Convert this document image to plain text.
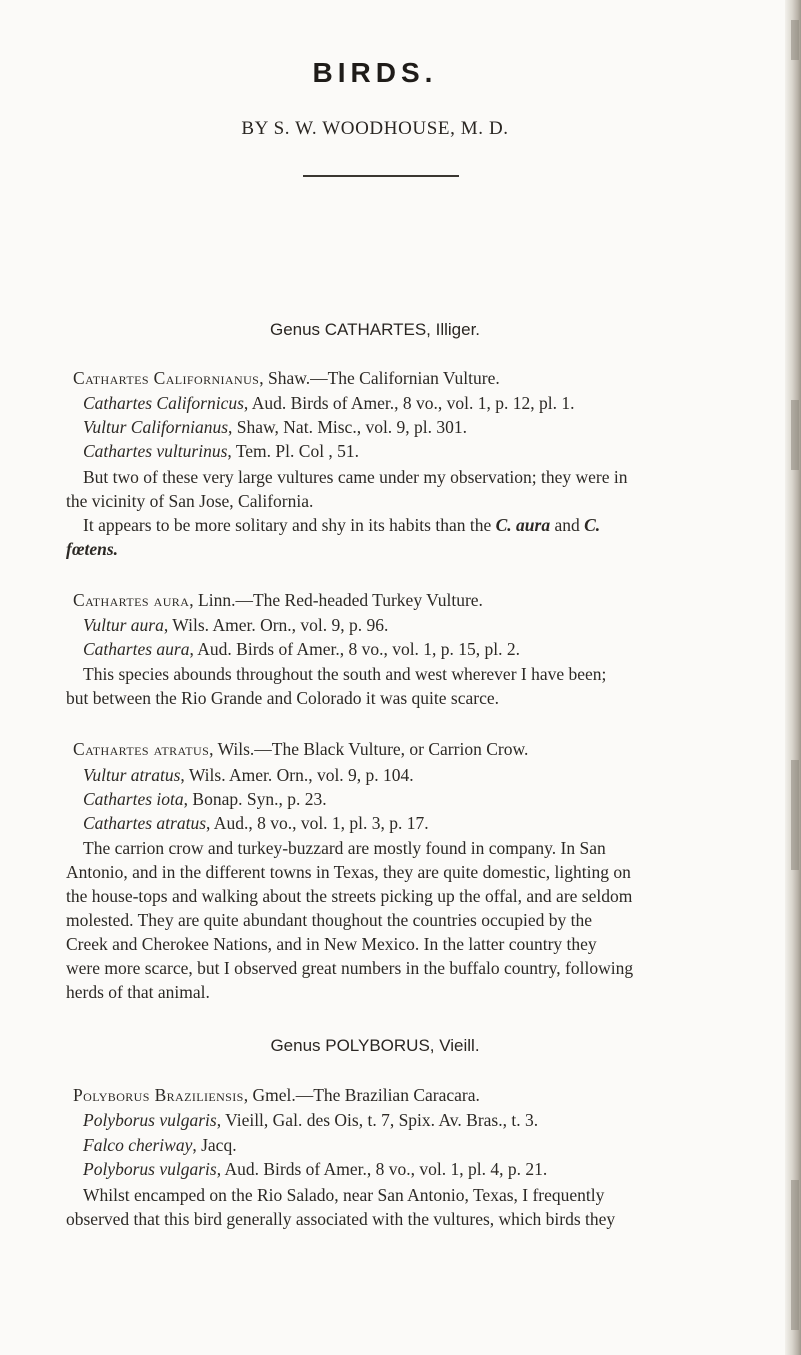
BIRDS.
BY S. W. WOODHOUSE, M. D.
Genus CATHARTES, Illiger.
Cathartes Californianus, Shaw.—The Californian Vulture.
Cathartes Californicus, Aud. Birds of Amer., 8 vo., vol. 1, p. 12, pl. 1.
Vultur Californianus, Shaw, Nat. Misc., vol. 9, pl. 301.
Cathartes vulturinus, Tem. Pl. Col , 51.
But two of these very large vultures came under my observation; they were in
the vicinity of San Jose, California.
It appears to be more solitary and shy in its habits than the C. aura and C.
fœtens.
Cathartes aura, Linn.—The Red-headed Turkey Vulture.
Vultur aura, Wils. Amer. Orn., vol. 9, p. 96.
Cathartes aura, Aud. Birds of Amer., 8 vo., vol. 1, p. 15, pl. 2.
This species abounds throughout the south and west wherever I have been;
but between the Rio Grande and Colorado it was quite scarce.
Cathartes atratus, Wils.—The Black Vulture, or Carrion Crow.
Vultur atratus, Wils. Amer. Orn., vol. 9, p. 104.
Cathartes iota, Bonap. Syn., p. 23.
Cathartes atratus, Aud., 8 vo., vol. 1, pl. 3, p. 17.
The carrion crow and turkey-buzzard are mostly found in company. In San
Antonio, and in the different towns in Texas, they are quite domestic, lighting on
the house-tops and walking about the streets picking up the offal, and are seldom
molested. They are quite abundant thoughout the countries occupied by the
Creek and Cherokee Nations, and in New Mexico. In the latter country they
were more scarce, but I observed great numbers in the buffalo country, following
herds of that animal.
Genus POLYBORUS, Vieill.
Polyborus Braziliensis, Gmel.—The Brazilian Caracara.
Polyborus vulgaris, Vieill, Gal. des Ois, t. 7, Spix. Av. Bras., t. 3.
Falco cheriway, Jacq.
Polyborus vulgaris, Aud. Birds of Amer., 8 vo., vol. 1, pl. 4, p. 21.
Whilst encamped on the Rio Salado, near San Antonio, Texas, I frequently
observed that this bird generally associated with the vultures, which birds they
